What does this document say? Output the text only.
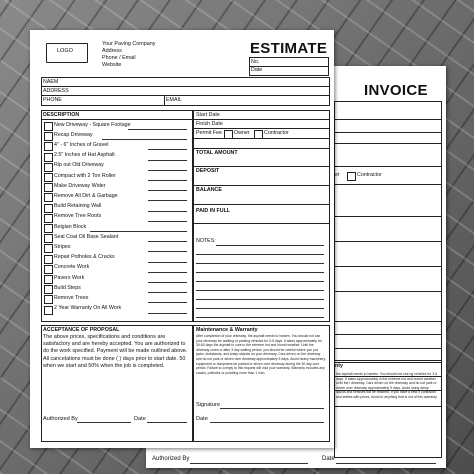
INVOICE
er	Contractor
nty
the asphalt needs to harden. You should not use ng vehicles for 3-5 days. It takes approximately in the extreme hot and humid weather. Until the l driveway. Cars driven on the driveway and do not park or driven over driveway approximately 5 days. Avoid using damp liquids and vehicles will be reached, if you have a new ir contractor and settles with prices. Avoid or anything that is not of this warranty.
Authorized By	Date
LOGO
Your Paving Company
Address
Phone / Email
Website
ESTIMATE
No.
Date
NAEM
ADDRESS
PHONE	EMAIL
DESCRIPTION
New Driveway - Square Footage
Recap Driveway
4" - 6" Inches of Gravel
2.5" Inches of Hat Asphalt
Rip out Old Driveway
Compact with 2 Ton Roller
Make Driveway Wider
Remove All Dirt & Garbage
Build Retaining Wall
Remove Tree Roots
Belgian Block
Seal Coat Oil Base Sealant
Stripes
Repair Potholes & Cracks
Concrete Work
Pavers Work
Build Steps
Remove Trees
2 Year Warranty On All Work
Start Date
Finish Date
Permit Fee Owner	Contractor
TOTAL AMOUNT
DEPOSIT
BALANCE
PAID IN FULL
NOTES:
ACCEPTANCE OF PROPOSAL
The above prices, specifications and conditions are satisfactory and are hereby accepted. You are authorized to do the work specified. Payment will be made outlined above. All cancelations must be done ( ) days prior to start date. 50 when we start and 50% when the job is completed.
Authorized By	Date
Maintenance & Warranty
After completion of your driveway, the asphalt needs to harden. You should not use your driveway for walking or parking vehicles for 3-5 days. It takes approximately for 30-60 days the asphalt to cure in the extreme hot and humid weather. Until the driveway cures or after 3 day waiting period, you should be careful where you put jacks, kickstands, and sharp objects on your driveway. Cars driven on the driveway and do not park or driven over driveway approximately 5 days. Avoid heavy machinery, equipment or dumpsters be parked or driven over driveway during the 30 day cure period. Failure to comply to this request will void your warranty. Warranty includes any cracks, potholes or puddling more than 1 inch.
Signature
Date
